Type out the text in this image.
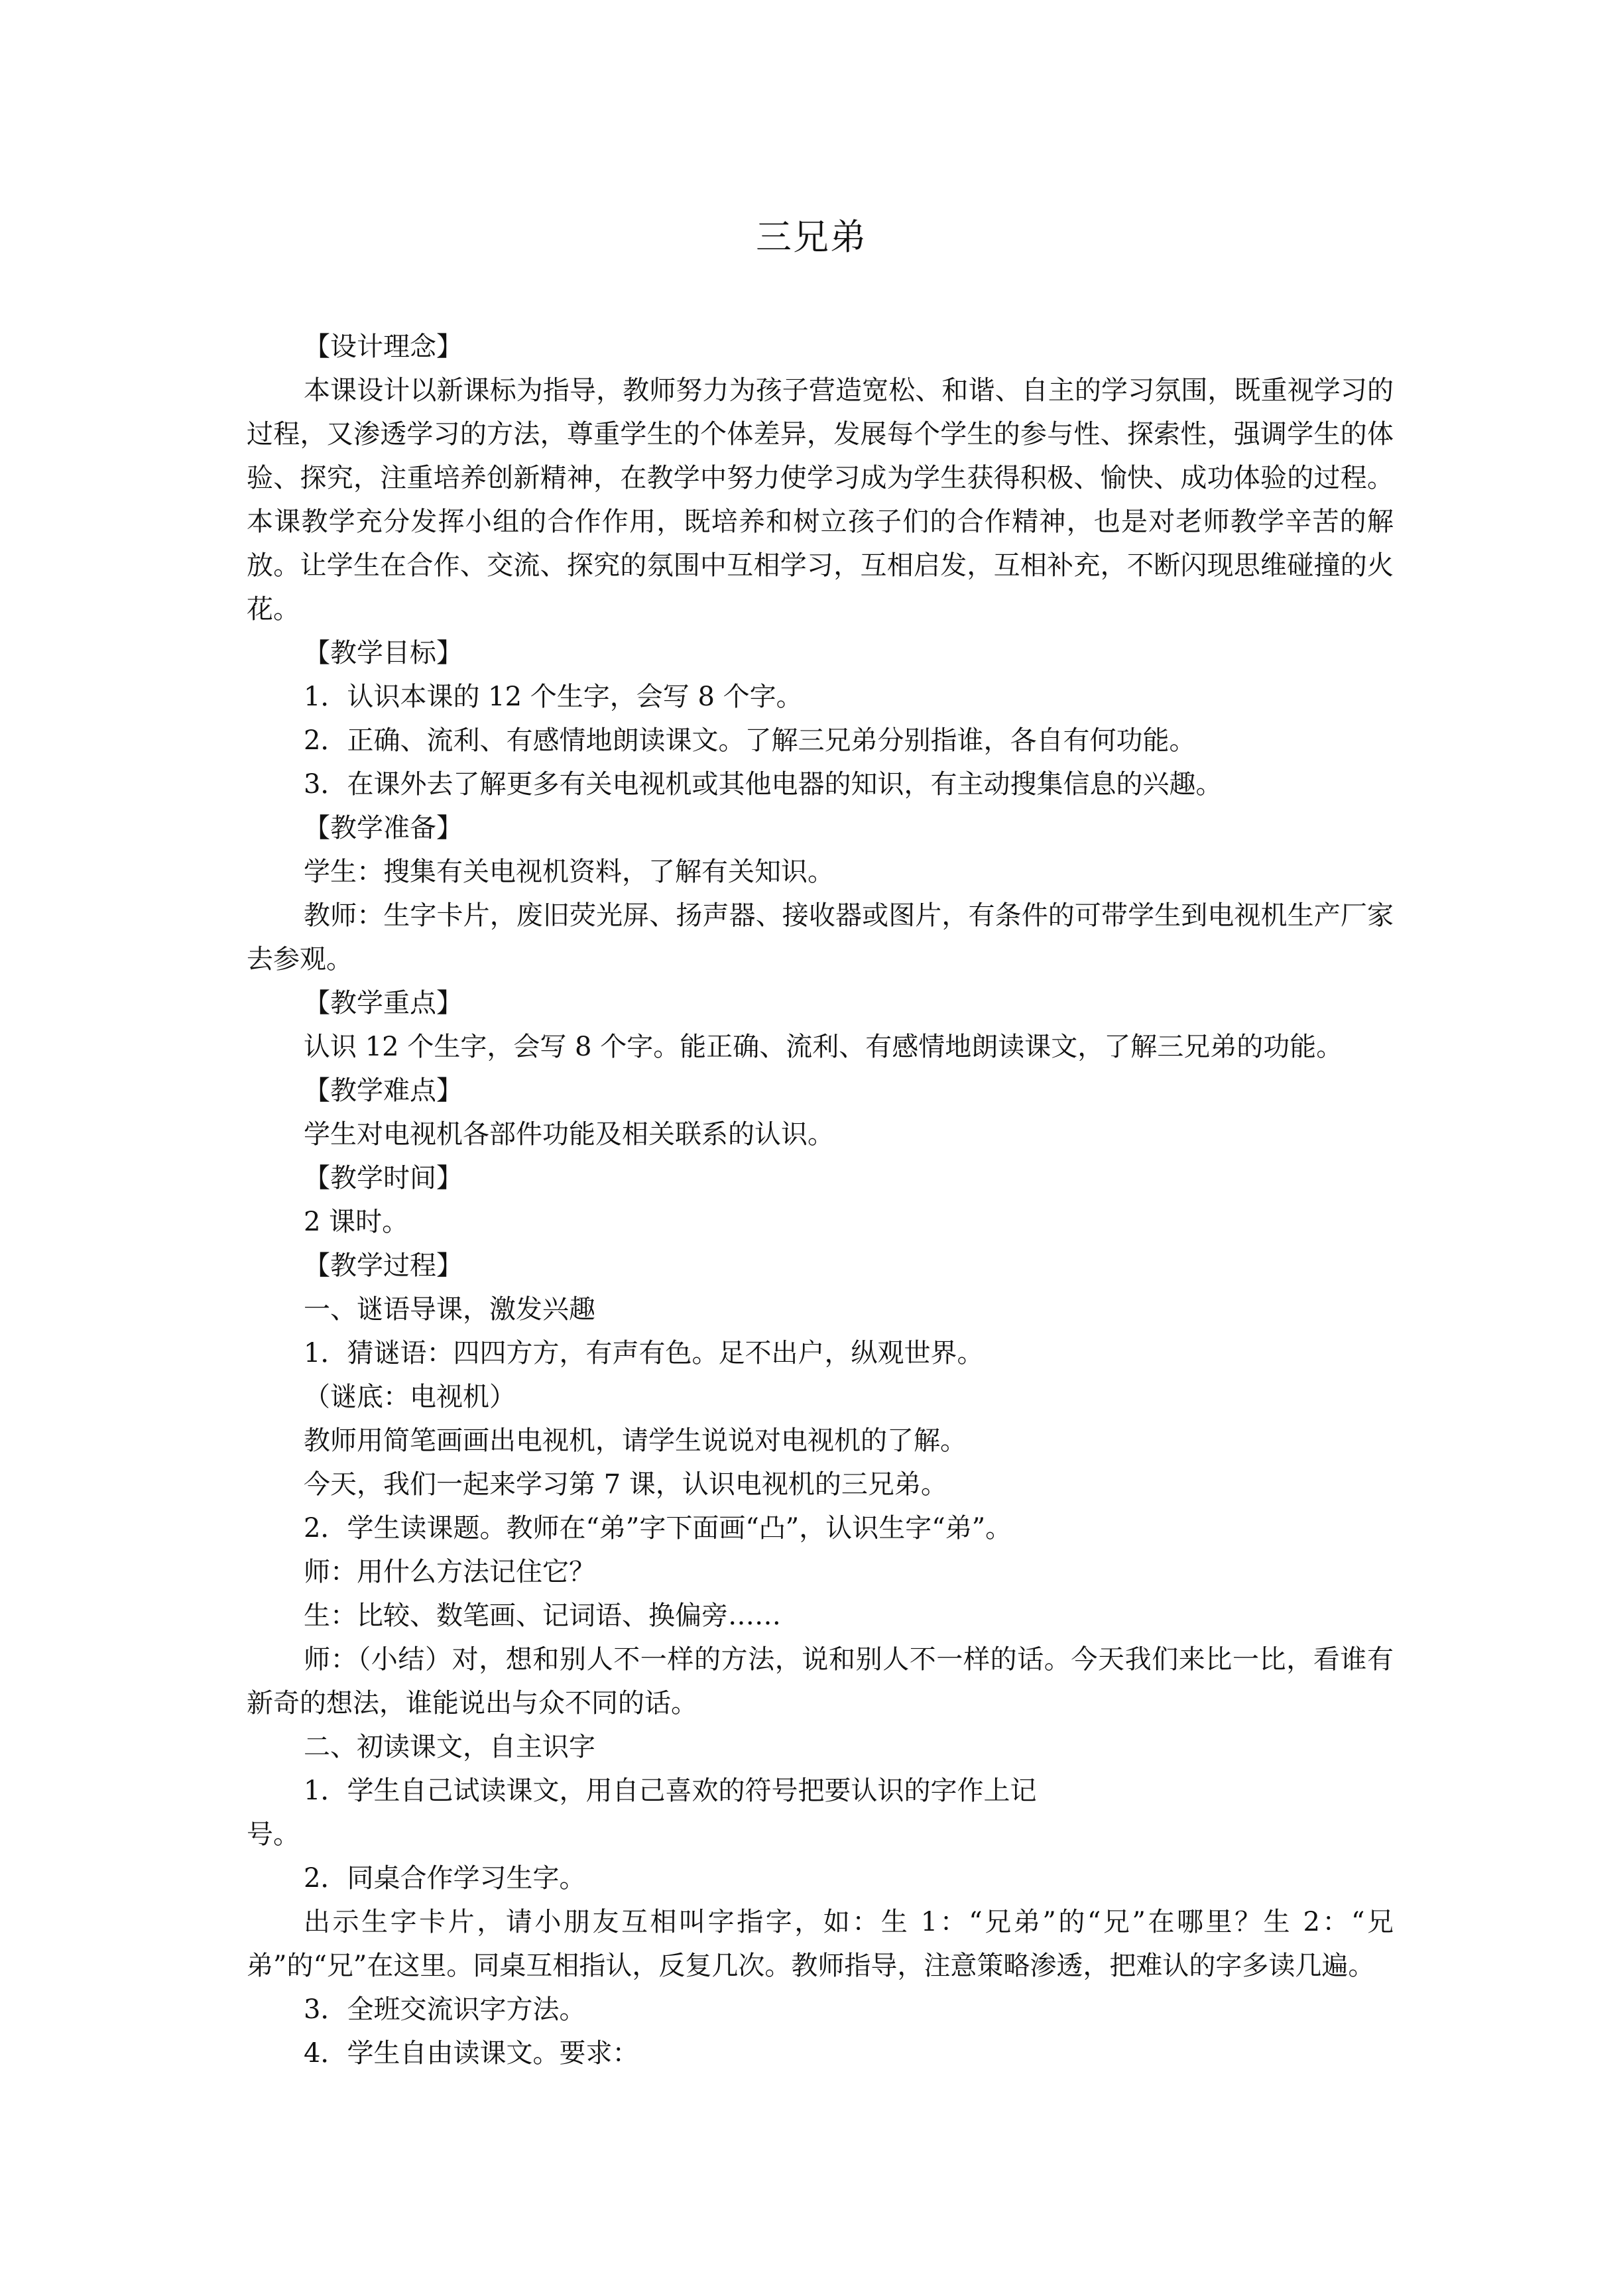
三兄弟

【设计理念】

本课设计以新课标为指导，教师努力为孩子营造宽松、和谐、自主的学习氛围，既重视学习的过程，又渗透学习的方法，尊重学生的个体差异，发展每个学生的参与性、探索性，强调学生的体验、探究，注重培养创新精神，在教学中努力使学习成为学生获得积极、愉快、成功体验的过程。本课教学充分发挥小组的合作作用，既培养和树立孩子们的合作精神，也是对老师教学辛苦的解放。让学生在合作、交流、探究的氛围中互相学习，互相启发，互相补充，不断闪现思维碰撞的火花。

【教学目标】

1．认识本课的 12 个生字，会写 8 个字。

2．正确、流利、有感情地朗读课文。了解三兄弟分别指谁，各自有何功能。

3．在课外去了解更多有关电视机或其他电器的知识，有主动搜集信息的兴趣。

【教学准备】

学生：搜集有关电视机资料，了解有关知识。

教师：生字卡片，废旧荧光屏、扬声器、接收器或图片，有条件的可带学生到电视机生产厂家去参观。

【教学重点】

认识 12 个生字，会写 8 个字。能正确、流利、有感情地朗读课文，了解三兄弟的功能。

【教学难点】

学生对电视机各部件功能及相关联系的认识。

【教学时间】

2 课时。

【教学过程】

一、谜语导课，激发兴趣

1．猜谜语：四四方方，有声有色。足不出户，纵观世界。

（谜底：电视机）

教师用简笔画画出电视机，请学生说说对电视机的了解。

今天，我们一起来学习第 7 课，认识电视机的三兄弟。

2．学生读课题。教师在“弟”字下面画“凸”，认识生字“弟”。

师：用什么方法记住它？

生：比较、数笔画、记词语、换偏旁……

师：（小结）对，想和别人不一样的方法，说和别人不一样的话。今天我们来比一比，看谁有新奇的想法，谁能说出与众不同的话。

二、初读课文，自主识字

1．学生自己试读课文，用自己喜欢的符号把要认识的字作上记
号。

2．同桌合作学习生字。

出示生字卡片，请小朋友互相叫字指字，如：生 1：“兄弟”的“兄”在哪里？生 2：“兄弟”的“兄”在这里。同桌互相指认，反复几次。教师指导，注意策略渗透，把难认的字多读几遍。

3．全班交流识字方法。

4．学生自由读课文。要求：
